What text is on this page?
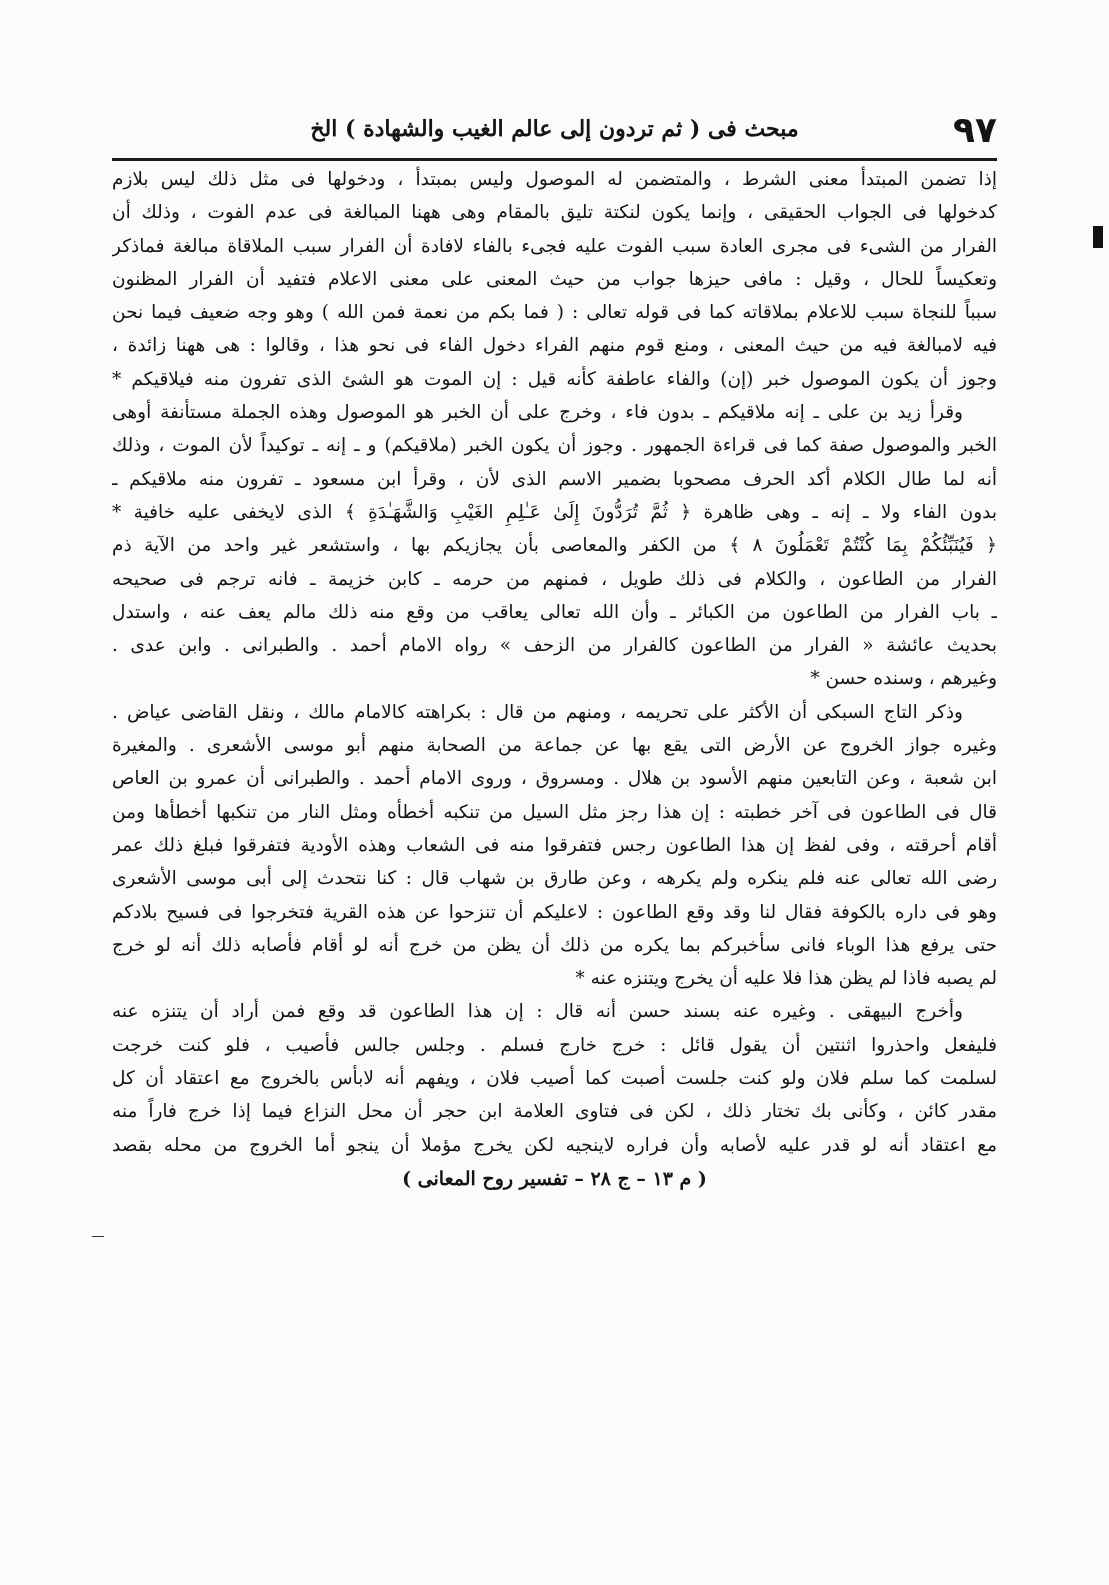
٩٧
مبحث فى ( ثم تردون إلى عالم الغيب والشهادة ) الخ
إذا تضمن المبتدأ معنى الشرط ، والمتضمن له الموصول وليس بمبتدأ ، ودخولها فى مثل ذلك ليس بلازم
كدخولها فى الجواب الحقيقى ، وإنما يكون لنكتة تليق بالمقام وهى ههنا المبالغة فى عدم الفوت ، وذلك أن
الفرار من الشىء فى مجرى العادة سبب الفوت عليه فجىء بالفاء لافادة أن الفرار سبب الملاقاة مبالغة فماذكر
وتعكيساً للحال ، وقيل : مافى حيزها جواب من حيث المعنى على معنى الاعلام فتفيد أن الفرار المظنون
سبباً للنجاة سبب للاعلام بملاقاته كما فى قوله تعالى : ( فما بكم من نعمة فمن الله ) وهو وجه ضعيف فيما نحن
فيه لامبالغة فيه من حيث المعنى ، ومنع قوم منهم الفراء دخول الفاء فى نحو هذا ، وقالوا : هى ههنا زائدة ،
وجوز أن يكون الموصول خبر (إن) والفاء عاطفة كأنه قيل : إن الموت هو الشئ الذى تفرون منه فيلاقيكم *
وقرأ زيد بن على ـ إنه ملاقيكم ـ بدون فاء ، وخرج على أن الخبر هو الموصول وهذه الجملة مستأنفة أوهى
الخبر والموصول صفة كما فى قراءة الجمهور . وجوز أن يكون الخبر (ملاقيكم) و ـ إنه ـ توكيداً لأن الموت ، وذلك
أنه لما طال الكلام أكد الحرف مصحوبا بضمير الاسم الذى لأن ، وقرأ ابن مسعود ـ تفرون منه ملاقيكم ـ
بدون الفاء ولا ـ إنه ـ وهى ظاهرة ﴿ ثُمَّ تُرَدُّونَ إِلَىٰ عَـٰلِمِ الغَيْبِ وَالشَّهَـٰدَةِ ﴾ الذى لايخفى عليه خافية *
﴿ فَيُنَبِّئُكُمْ بِمَا كُنْتُمْ تَعْمَلُونَ ٨ ﴾ من الكفر والمعاصى بأن يجازيكم بها ، واستشعر غير واحد من الآية ذم
الفرار من الطاعون ، والكلام فى ذلك طويل ، فمنهم من حرمه ـ كابن خزيمة ـ فانه ترجم فى صحيحه
ـ باب الفرار من الطاعون من الكبائر ـ وأن الله تعالى يعاقب من وقع منه ذلك مالم يعف عنه ، واستدل
بحديث عائشة « الفرار من الطاعون كالفرار من الزحف » رواه الامام أحمد . والطبرانى . وابن عدى .
وغيرهم ، وسنده حسن *
وذكر التاج السبكى أن الأكثر على تحريمه ، ومنهم من قال : بكراهته كالامام مالك ، ونقل القاضى عياض .
وغيره جواز الخروج عن الأرض التى يقع بها عن جماعة من الصحابة منهم أبو موسى الأشعرى . والمغيرة
ابن شعبة ، وعن التابعين منهم الأسود بن هلال . ومسروق ، وروى الامام أحمد . والطبرانى أن عمرو بن العاص
قال فى الطاعون فى آخر خطبته : إن هذا رجز مثل السيل من تنكبه أخطأه ومثل النار من تنكبها أخطأها ومن
أقام أحرقته ، وفى لفظ إن هذا الطاعون رجس فتفرقوا منه فى الشعاب وهذه الأودية فتفرقوا فبلغ ذلك عمر
رضى الله تعالى عنه فلم ينكره ولم يكرهه ، وعن طارق بن شهاب قال : كنا نتحدث إلى أبى موسى الأشعرى
وهو فى داره بالكوفة فقال لنا وقد وقع الطاعون : لاعليكم أن تنزحوا عن هذه القرية فتخرجوا فى فسيح بلادكم
حتى يرفع هذا الوباء فانى سأخبركم بما يكره من ذلك أن يظن من خرج أنه لو أقام فأصابه ذلك أنه لو خرج
لم يصبه فاذا لم يظن هذا فلا عليه أن يخرج ويتنزه عنه *
وأخرج البيهقى . وغيره عنه بسند حسن أنه قال : إن هذا الطاعون قد وقع فمن أراد أن يتنزه عنه
فليفعل واحذروا اثنتين أن يقول قائل : خرج خارج فسلم . وجلس جالس فأصيب ، فلو كنت خرجت
لسلمت كما سلم فلان ولو كنت جلست أصبت كما أصيب فلان ، ويفهم أنه لابأس بالخروج مع اعتقاد أن كل
مقدر كائن ، وكأنى بك تختار ذلك ، لكن فى فتاوى العلامة ابن حجر أن محل النزاع فيما إذا خرج فاراً منه
مع اعتقاد أنه لو قدر عليه لأصابه وأن فراره لاينجيه لكن يخرج مؤملا أن ينجو أما الخروج من محله بقصد
( م ١٣ – ج ٢٨ – تفسير روح المعانى )
